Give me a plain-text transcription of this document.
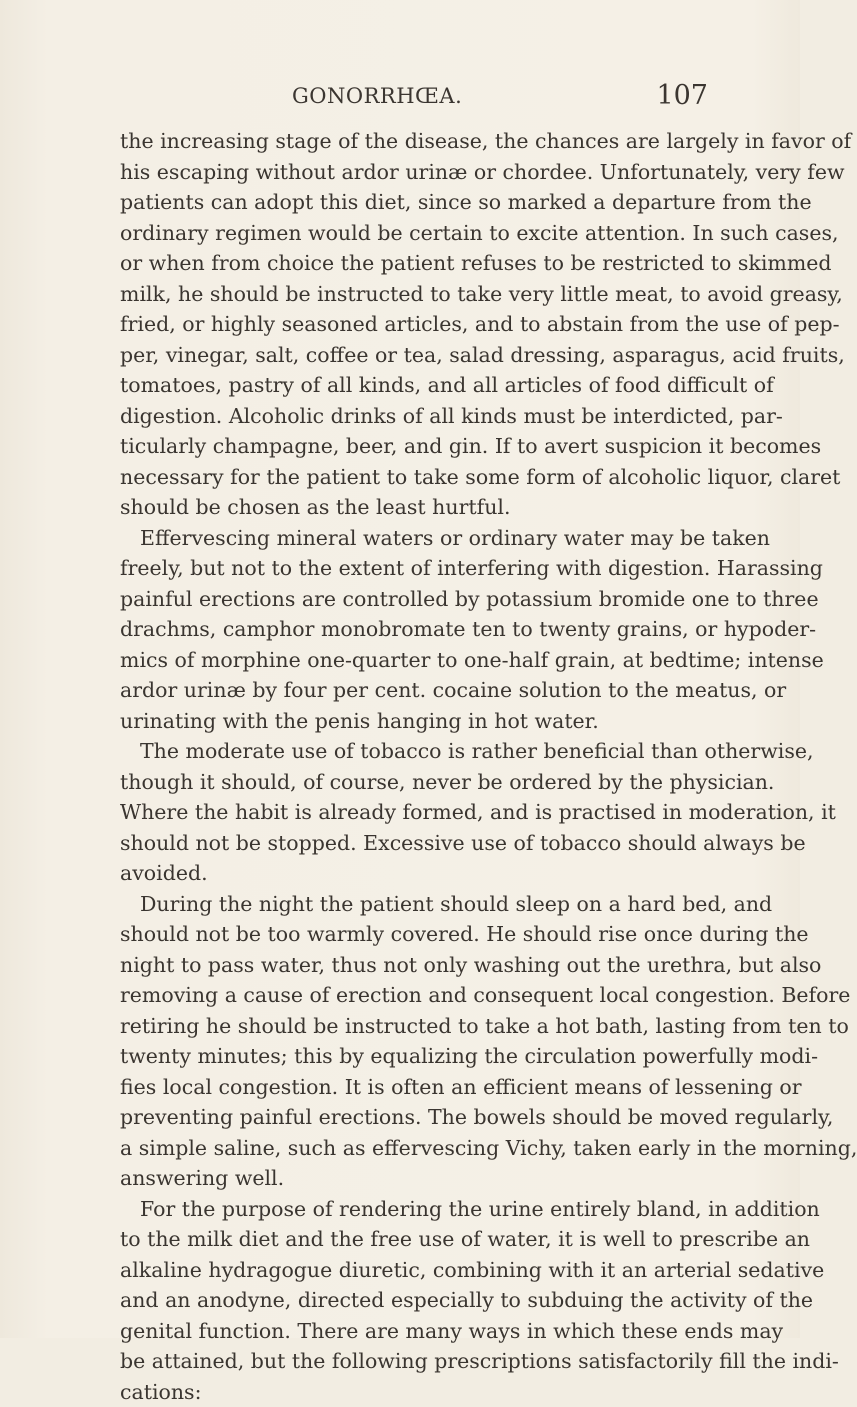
GONORRHŒA.	107
the increasing stage of the disease, the chances are largely in favor of
his escaping without ardor urinæ or chordee. Unfortunately, very few
patients can adopt this diet, since so marked a departure from the
ordinary regimen would be certain to excite attention. In such cases,
or when from choice the patient refuses to be restricted to skimmed
milk, he should be instructed to take very little meat, to avoid greasy,
fried, or highly seasoned articles, and to abstain from the use of pep-
per, vinegar, salt, coffee or tea, salad dressing, asparagus, acid fruits,
tomatoes, pastry of all kinds, and all articles of food difficult of
digestion. Alcoholic drinks of all kinds must be interdicted, par-
ticularly champagne, beer, and gin. If to avert suspicion it becomes
necessary for the patient to take some form of alcoholic liquor, claret
should be chosen as the least hurtful.
Effervescing mineral waters or ordinary water may be taken
freely, but not to the extent of interfering with digestion. Harassing
painful erections are controlled by potassium bromide one to three
drachms, camphor monobromate ten to twenty grains, or hypoder-
mics of morphine one-quarter to one-half grain, at bedtime; intense
ardor urinæ by four per cent. cocaine solution to the meatus, or
urinating with the penis hanging in hot water.
The moderate use of tobacco is rather beneficial than otherwise,
though it should, of course, never be ordered by the physician.
Where the habit is already formed, and is practised in moderation, it
should not be stopped. Excessive use of tobacco should always be
avoided.
During the night the patient should sleep on a hard bed, and
should not be too warmly covered. He should rise once during the
night to pass water, thus not only washing out the urethra, but also
removing a cause of erection and consequent local congestion. Before
retiring he should be instructed to take a hot bath, lasting from ten to
twenty minutes; this by equalizing the circulation powerfully modi-
fies local congestion. It is often an efficient means of lessening or
preventing painful erections. The bowels should be moved regularly,
a simple saline, such as effervescing Vichy, taken early in the morning,
answering well.
For the purpose of rendering the urine entirely bland, in addition
to the milk diet and the free use of water, it is well to prescribe an
alkaline hydragogue diuretic, combining with it an arterial sedative
and an anodyne, directed especially to subduing the activity of the
genital function. There are many ways in which these ends may
be attained, but the following prescriptions satisfactorily fill the indi-
cations:
